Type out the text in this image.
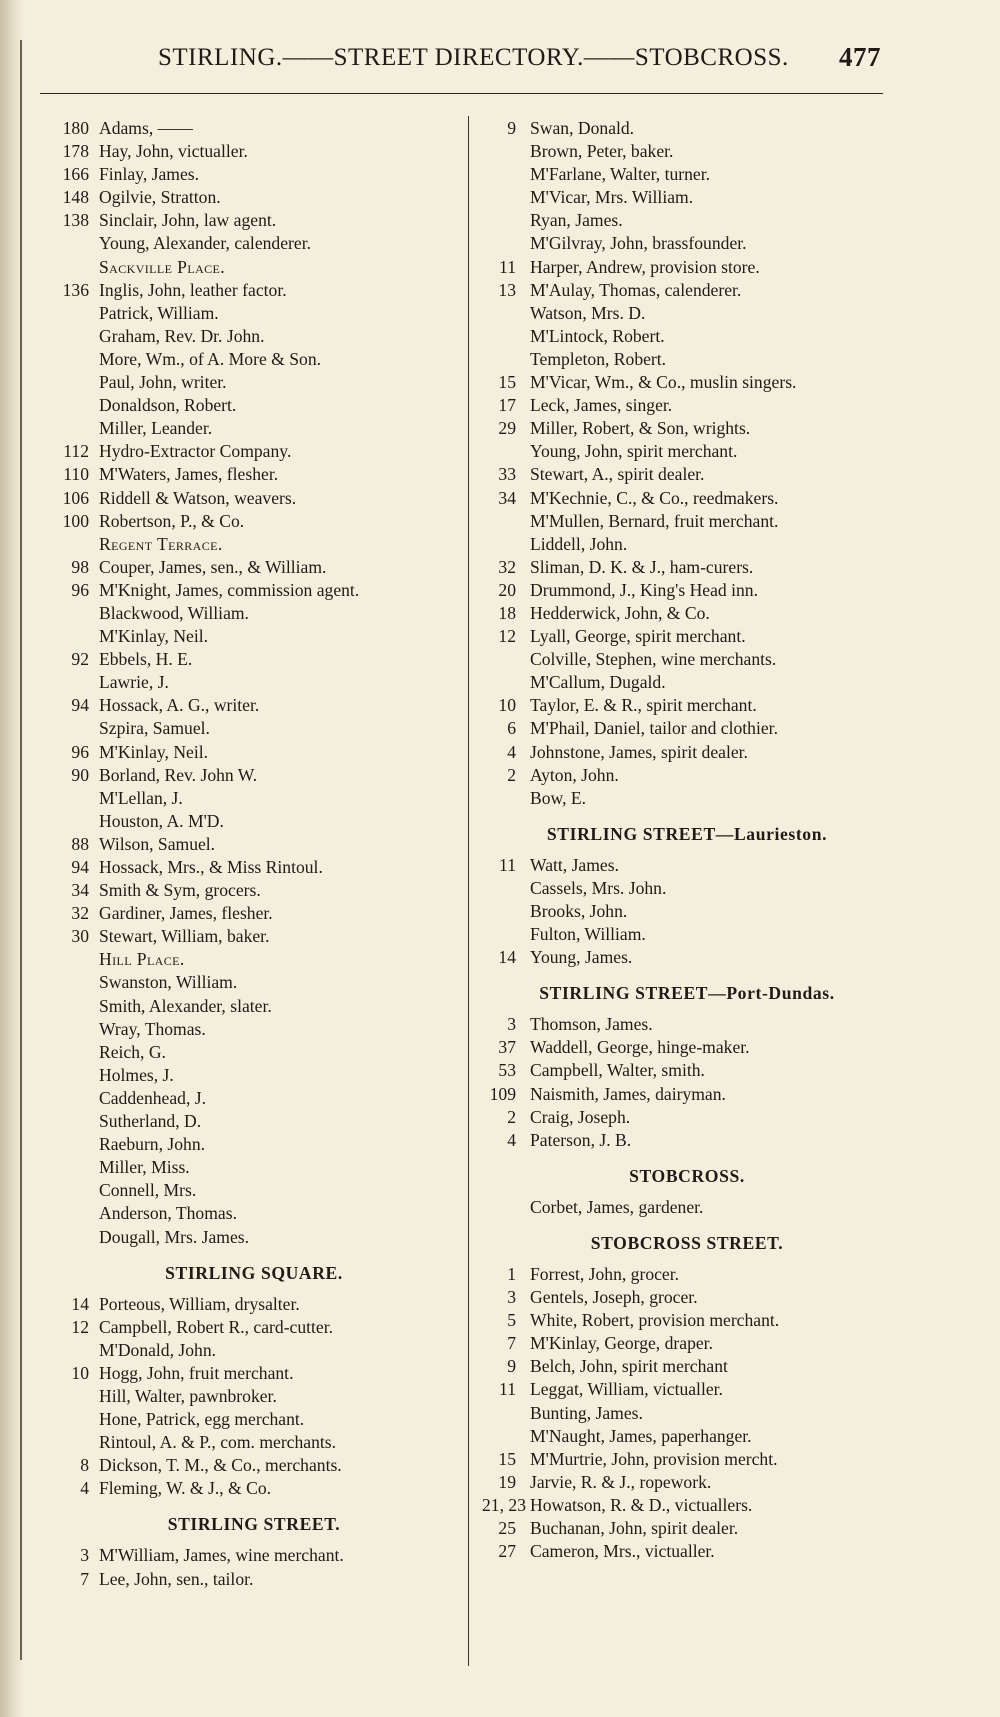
STIRLING.——STREET DIRECTORY.——STOBCROSS. 477
180 Adams, ——
178 Hay, John, victualler.
166 Finlay, James.
148 Ogilvie, Stratton.
138 Sinclair, John, law agent.
Young, Alexander, calenderer.
Sackville Place.
136 Inglis, John, leather factor.
Patrick, William.
Graham, Rev. Dr. John.
More, Wm., of A. More & Son.
Paul, John, writer.
Donaldson, Robert.
Miller, Leander.
112 Hydro-Extractor Company.
110 M'Waters, James, flesher.
106 Riddell & Watson, weavers.
100 Robertson, P., & Co.
Regent Terrace.
98 Couper, James, sen., & William.
96 M'Knight, James, commission agent.
Blackwood, William.
M'Kinlay, Neil.
92 Ebbels, H. E.
Lawrie, J.
94 Hossack, A. G., writer.
Szpira, Samuel.
96 M'Kinlay, Neil.
90 Borland, Rev. John W.
M'Lellan, J.
Houston, A. M'D.
88 Wilson, Samuel.
94 Hossack, Mrs., & Miss Rintoul.
34 Smith & Sym, grocers.
32 Gardiner, James, flesher.
30 Stewart, William, baker.
Hill Place.
Swanston, William.
Smith, Alexander, slater.
Wray, Thomas.
Reich, G.
Holmes, J.
Caddenhead, J.
Sutherland, D.
Raeburn, John.
Miller, Miss.
Connell, Mrs.
Anderson, Thomas.
Dougall, Mrs. James.
STIRLING SQUARE.
14 Porteous, William, drysalter.
12 Campbell, Robert R., card-cutter.
M'Donald, John.
10 Hogg, John, fruit merchant.
Hill, Walter, pawnbroker.
Hone, Patrick, egg merchant.
Rintoul, A. & P., com. merchants.
8 Dickson, T. M., & Co., merchants.
4 Fleming, W. & J., & Co.
STIRLING STREET.
3 M'William, James, wine merchant.
7 Lee, John, sen., tailor.
9 Swan, Donald.
Brown, Peter, baker.
M'Farlane, Walter, turner.
M'Vicar, Mrs. William.
Ryan, James.
M'Gilvray, John, brassfounder.
11 Harper, Andrew, provision store.
13 M'Aulay, Thomas, calenderer.
Watson, Mrs. D.
M'Lintock, Robert.
Templeton, Robert.
15 M'Vicar, Wm., & Co., muslin singers.
17 Leck, James, singer.
29 Miller, Robert, & Son, wrights.
Young, John, spirit merchant.
33 Stewart, A., spirit dealer.
34 M'Kechnie, C., & Co., reedmakers.
M'Mullen, Bernard, fruit merchant.
Liddell, John.
32 Sliman, D. K. & J., ham-curers.
20 Drummond, J., King's Head inn.
18 Hedderwick, John, & Co.
12 Lyall, George, spirit merchant.
Colville, Stephen, wine merchants.
M'Callum, Dugald.
10 Taylor, E. & R., spirit merchant.
6 M'Phail, Daniel, tailor and clothier.
4 Johnstone, James, spirit dealer.
2 Ayton, John.
Bow, E.
STIRLING STREET—Laurieston.
11 Watt, James.
Cassels, Mrs. John.
Brooks, John.
Fulton, William.
14 Young, James.
STIRLING STREET—Port-Dundas.
3 Thomson, James.
37 Waddell, George, hinge-maker.
53 Campbell, Walter, smith.
109 Naismith, James, dairyman.
2 Craig, Joseph.
4 Paterson, J. B.
STOBCROSS.
Corbet, James, gardener.
STOBCROSS STREET.
1 Forrest, John, grocer.
3 Gentels, Joseph, grocer.
5 White, Robert, provision merchant.
7 M'Kinlay, George, draper.
9 Belch, John, spirit merchant
11 Leggat, William, victualler.
Bunting, James.
M'Naught, James, paperhanger.
15 M'Murtrie, John, provision mercht.
19 Jarvie, R. & J., ropework.
21, 23 Howatson, R. & D., victuallers.
25 Buchanan, John, spirit dealer.
27 Cameron, Mrs., victualler.
